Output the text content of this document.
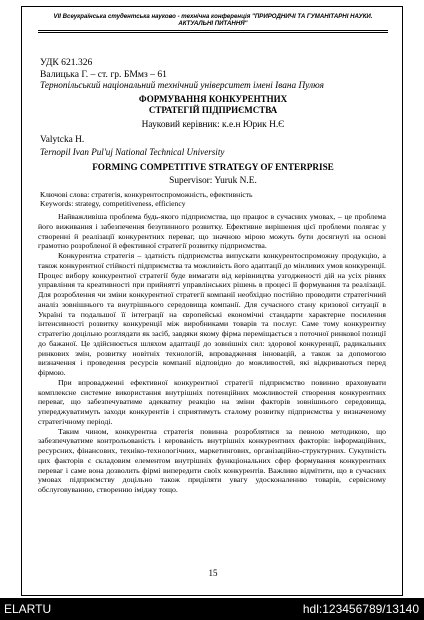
VII Всеукраїнська студентська науково - технічна конференція "ПРИРОДНИЧІ ТА ГУМАНІТАРНІ НАУКИ.
АКТУАЛЬНІ ПИТАННЯ"
УДК 621.326
Валицька Г. – ст. гр. БМмз – 61
Тернопільський національний технічний університет імені Івана Пулюя
ФОРМУВАННЯ КОНКУРЕНТНИХ СТРАТЕГІЙ ПІДПРИЄМСТВА
Науковий керівник: к.е.н Юрик Н.Є
Valytcka H.
Ternopil Ivan Pul'uj National Technical University
FORMING COMPETITIVE STRATEGY OF ENTERPRISE
Supervisor: Yuruk N.E.
Ключові слова: стратегія, конкурентоспроможність, ефективність
Keywords: strategy, competitiveness, efficiency

Найважливіша проблема будь-якого підприємства, що працює в сучасних умовах, – це проблема його виживання і забезпечення безупинного розвитку. Ефективне вирішення цієї проблеми полягає у створенні й реалізації конкурентних переваг, що значною мірою можуть бути досягнуті на основі грамотно розробленої й ефективної стратегії розвитку підприємства.

Конкурентна стратегія – здатність підприємства випускати конкурентоспроможну продукцію, а також конкурентної стійкості підприємства та можливість його адаптації до мінливих умов конкуренції. Процес вибору конкурентної стратегії буде вимагати від керівництва узгодженості дій на усіх рівнях управління та креативності при прийнятті управлінських рішень в процесі її формування та реалізації. Для розроблення чи зміни конкурентної стратегії компанії необхідно постійно проводити стратегічний аналіз зовнішнього та внутрішнього середовища компанії. Для сучасного стану кризової ситуації в Україні та подальшої її інтеграції на європейські економічні стандарти характерне посилення інтенсивності розвитку конкуренції між виробниками товарів та послуг. Саме тому конкурентну стратегію доцільно розглядати як засіб, завдяки якому фірма переміщається з поточної ринкової позиції до бажаної. Це здійснюється шляхом адаптації до зовнішніх сил: здорової конкуренції, радикальних ринкових змін, розвитку новітніх технологій, впровадження інновацій, а також за допомогою визначення і проведення ресурсів компанії відповідно до можливостей, які відкриваються перед фірмою.

При впровадженні ефективної конкурентної стратегії підприємство повинно враховувати комплексне системне використання внутрішніх потенційних можливостей створення конкурентних переваг, що забезпечуватиме адекватну реакцію на зміни факторів зовнішнього середовища, упереджуватимуть заходи конкурентів і сприятимуть сталому розвитку підприємства у визначеному стратегічному періоді.

Таким чином, конкурентна стратегія повинна розроблятися за певною методикою, що забезпечуватиме контрольованість і керованість внутрішніх конкурентних факторів: інформаційних, ресурсних, фінансових, техніко-технологічних, маркетингових, організаційно-структурних. Сукупність цих факторів є складовим елементом внутрішніх функціональних сфер формування конкурентних переваг і саме вона дозволить фірмі випередити своїх конкурентів. Важливо відмітити, що в сучасних умовах підприємству доцільно також приділяти увагу удосконаленню товарів, сервісному обслуговуванню, створенню іміджу тощо.

15
ELARTU	hdl:123456789/13140
